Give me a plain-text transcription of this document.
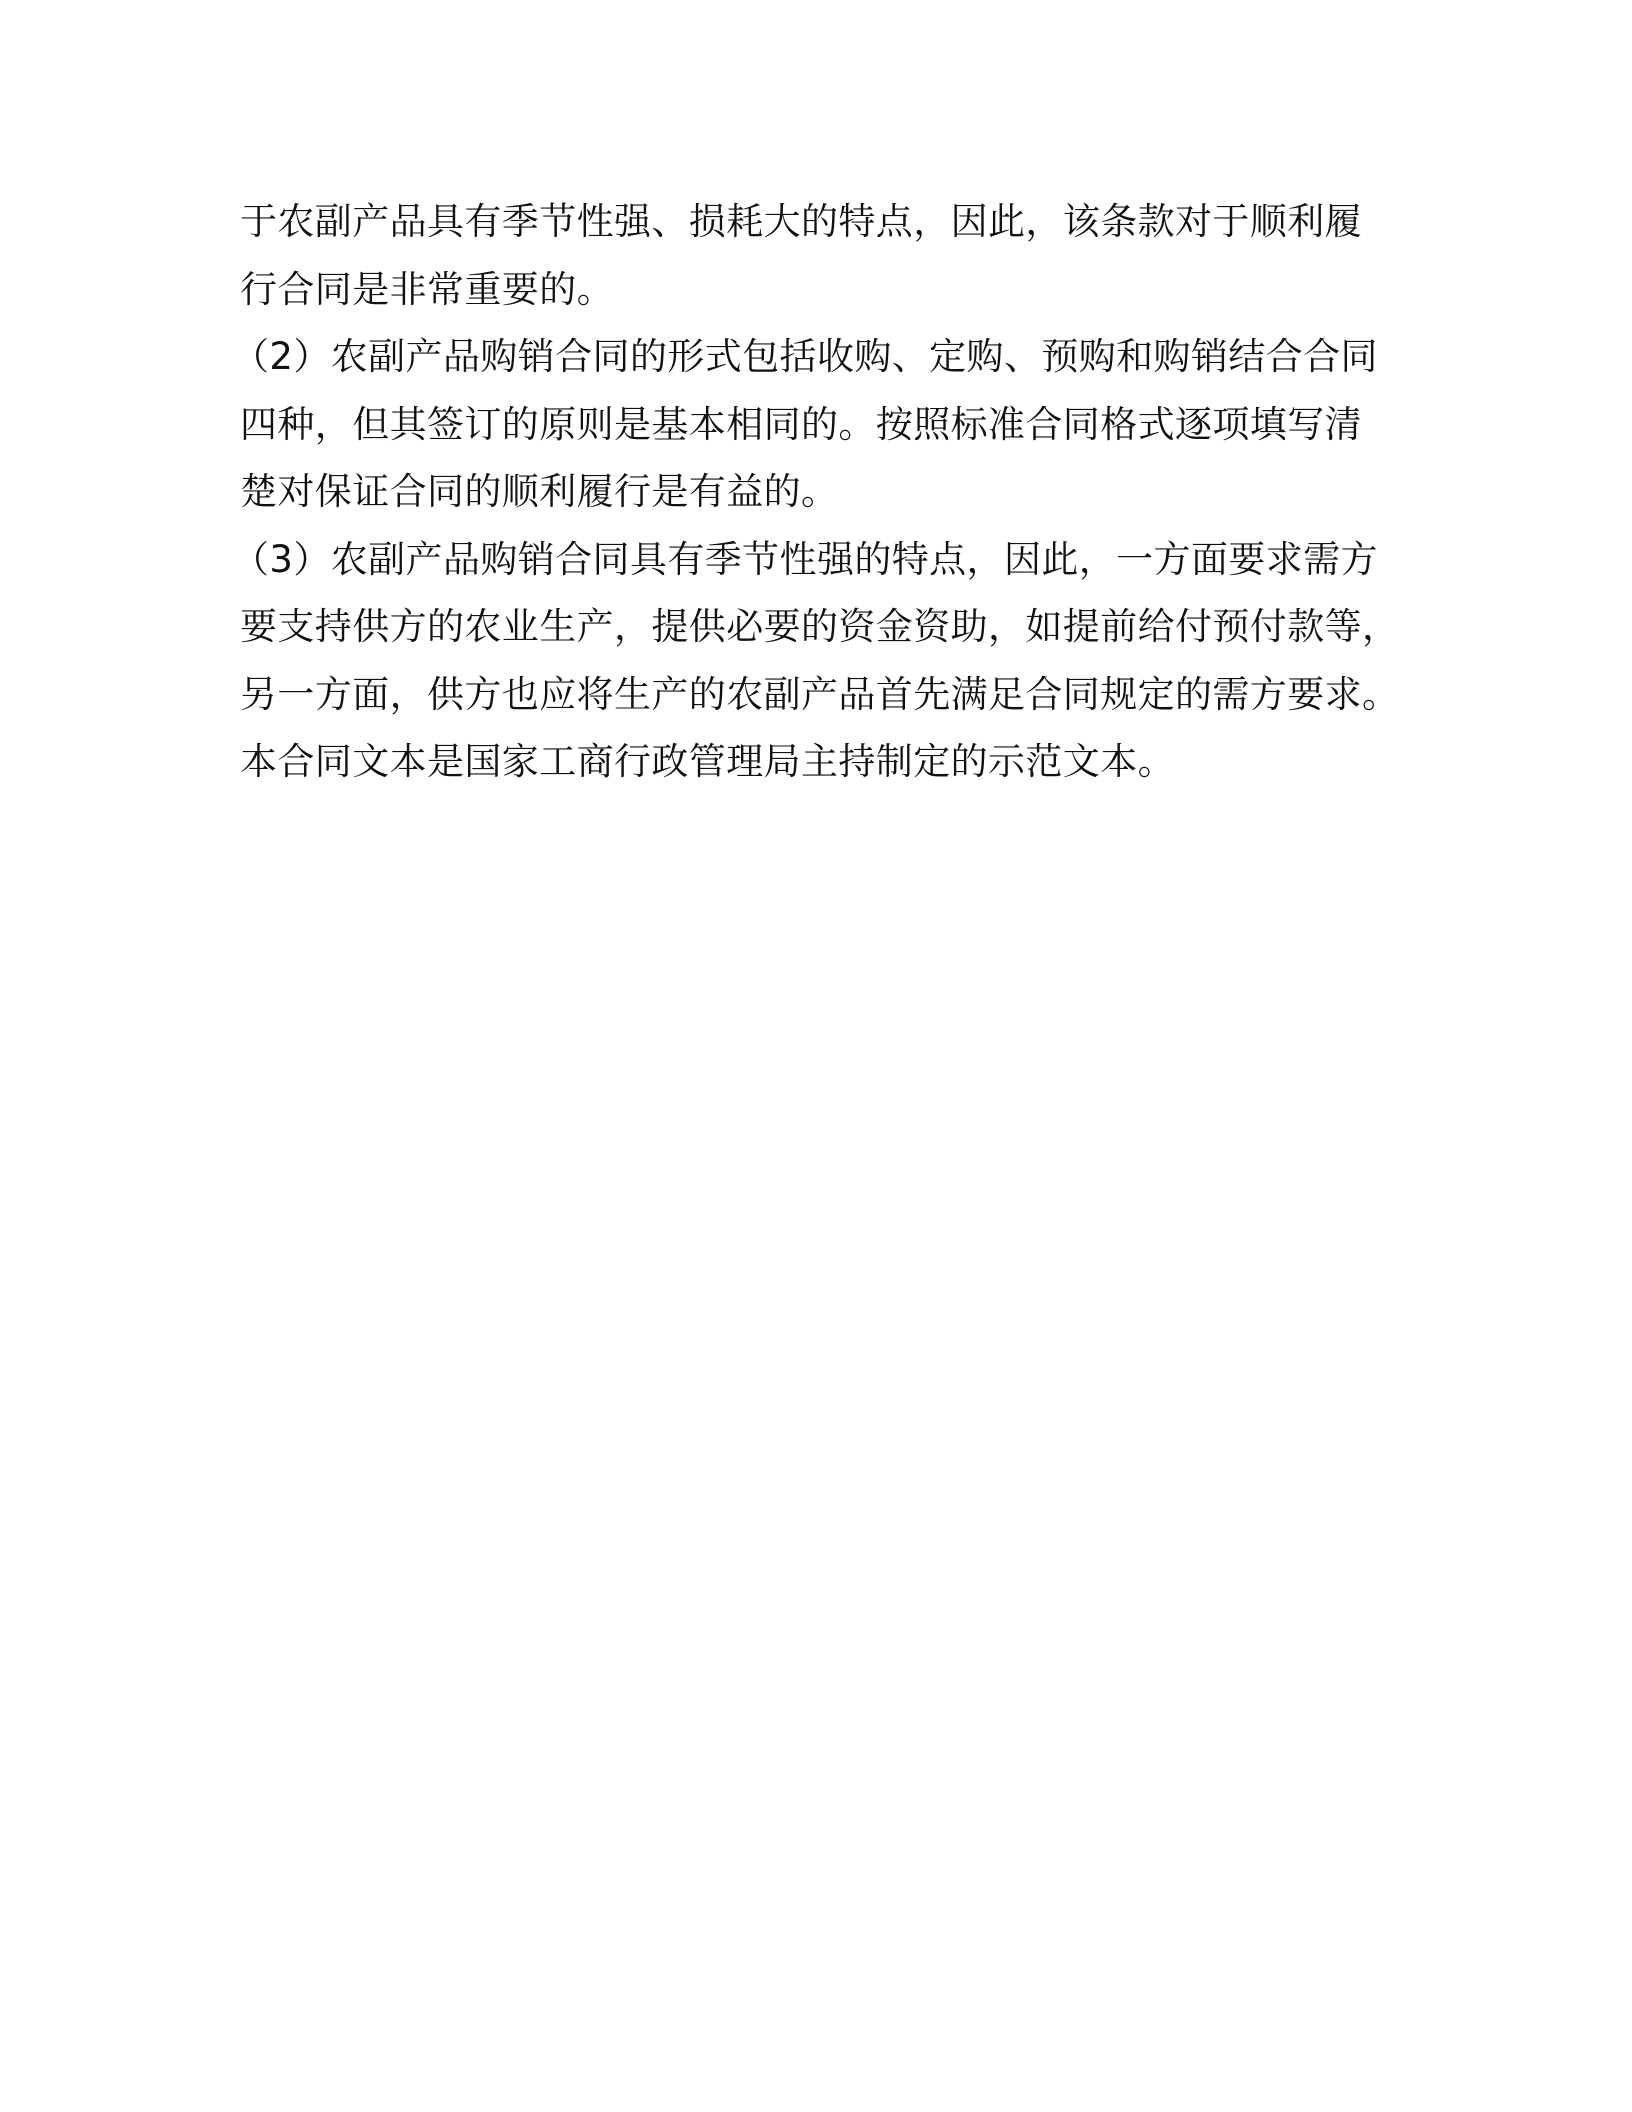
于农副产品具有季节性强、损耗大的特点，因此，该条款对于顺利履
行合同是非常重要的。
（2）农副产品购销合同的形式包括收购、定购、预购和购销结合合同
四种，但其签订的原则是基本相同的。按照标准合同格式逐项填写清
楚对保证合同的顺利履行是有益的。
（3）农副产品购销合同具有季节性强的特点，因此，一方面要求需方
要支持供方的农业生产，提供必要的资金资助，如提前给付预付款等，
另一方面，供方也应将生产的农副产品首先满足合同规定的需方要求。
本合同文本是国家工商行政管理局主持制定的示范文本。
